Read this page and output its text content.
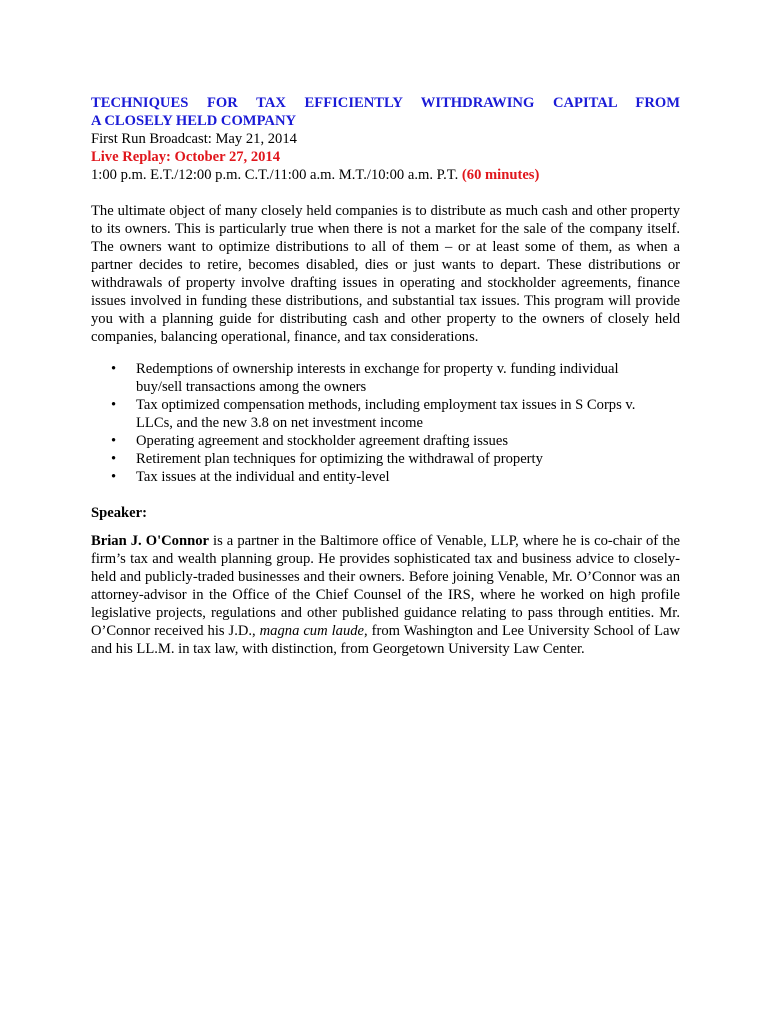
TECHNIQUES FOR TAX EFFICIENTLY WITHDRAWING CAPITAL FROM
A CLOSELY HELD COMPANY

First Run Broadcast: May 21, 2014

Live Replay: October 27, 2014

1:00 p.m. E.T./12:00 p.m. C.T./11:00 a.m. M.T./10:00 a.m. P.T. (60 minutes)

The ultimate object of many closely held companies is to distribute as much cash and other property to its owners. This is particularly true when there is not a market for the sale of the company itself. The owners want to optimize distributions to all of them – or at least some of them, as when a partner decides to retire, becomes disabled, dies or just wants to depart. These distributions or withdrawals of property involve drafting issues in operating and stockholder agreements, finance issues involved in funding these distributions, and substantial tax issues. This program will provide you with a planning guide for distributing cash and other property to the owners of closely held companies, balancing operational, finance, and tax considerations.

• Redemptions of ownership interests in exchange for property v. funding individual buy/sell transactions among the owners
• Tax optimized compensation methods, including employment tax issues in S Corps v. LLCs, and the new 3.8 on net investment income
• Operating agreement and stockholder agreement drafting issues
• Retirement plan techniques for optimizing the withdrawal of property
• Tax issues at the individual and entity-level

Speaker:

Brian J. O'Connor is a partner in the Baltimore office of Venable, LLP, where he is co-chair of the firm’s tax and wealth planning group. He provides sophisticated tax and business advice to closely-held and publicly-traded businesses and their owners. Before joining Venable, Mr. O’Connor was an attorney-advisor in the Office of the Chief Counsel of the IRS, where he worked on high profile legislative projects, regulations and other published guidance relating to pass through entities. Mr. O’Connor received his J.D., magna cum laude, from Washington and Lee University School of Law and his LL.M. in tax law, with distinction, from Georgetown University Law Center.
